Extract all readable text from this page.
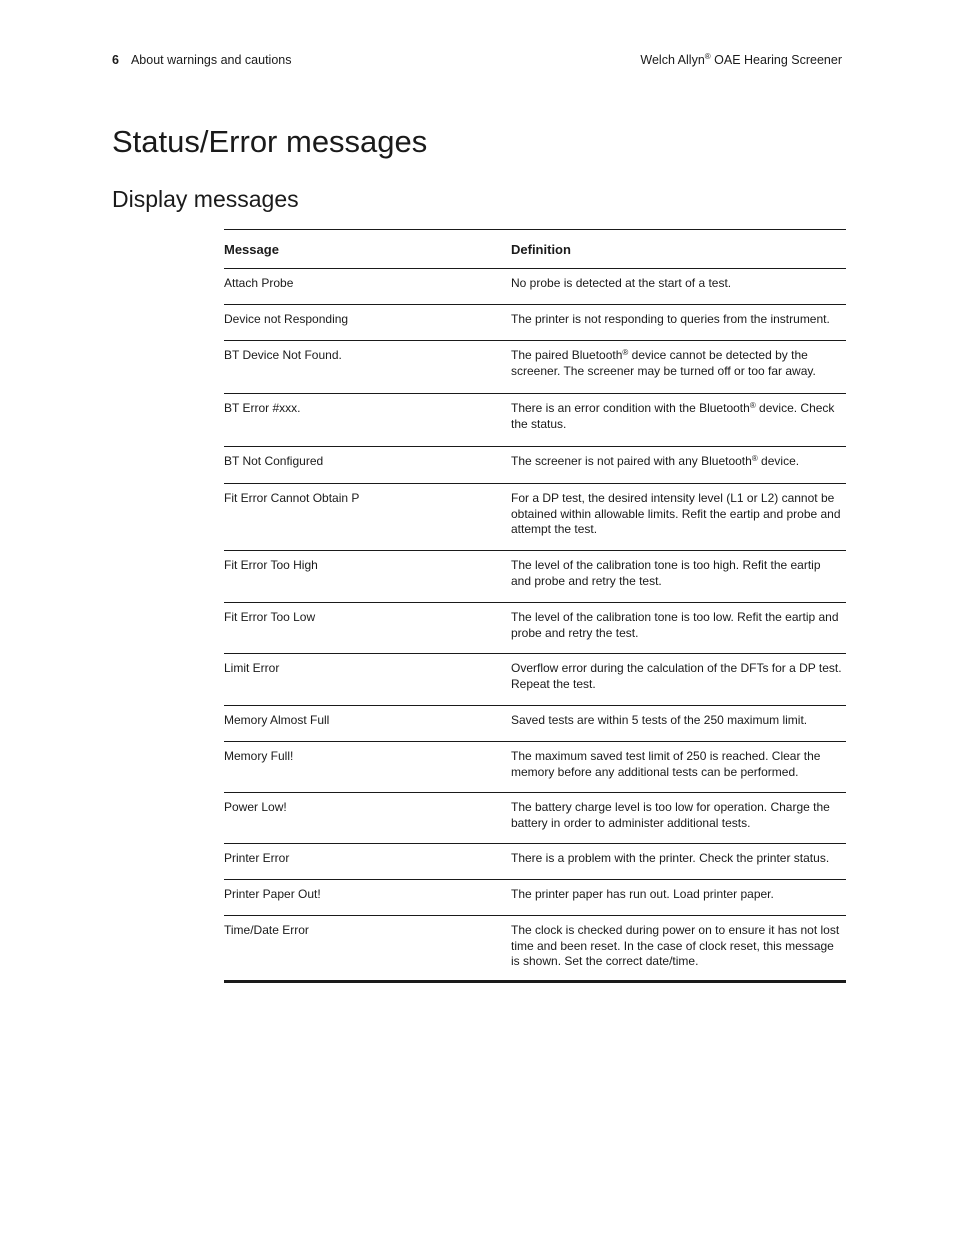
6 About warnings and cautions	Welch Allyn® OAE Hearing Screener
Status/Error messages
Display messages
Message	Definition
Attach Probe	No probe is detected at the start of a test.
Device not Responding	The printer is not responding to queries from the instrument.
BT Device Not Found.	The paired Bluetooth® device cannot be detected by the screener. The screener may be turned off or too far away.
BT Error #xxx.	There is an error condition with the Bluetooth® device. Check the status.
BT Not Configured	The screener is not paired with any Bluetooth® device.
Fit Error Cannot Obtain P	For a DP test, the desired intensity level (L1 or L2) cannot be obtained within allowable limits. Refit the eartip and probe and attempt the test.
Fit Error Too High	The level of the calibration tone is too high. Refit the eartip and probe and retry the test.
Fit Error Too Low	The level of the calibration tone is too low. Refit the eartip and probe and retry the test.
Limit Error	Overflow error during the calculation of the DFTs for a DP test. Repeat the test.
Memory Almost Full	Saved tests are within 5 tests of the 250 maximum limit.
Memory Full!	The maximum saved test limit of 250 is reached. Clear the memory before any additional tests can be performed.
Power Low!	The battery charge level is too low for operation. Charge the battery in order to administer additional tests.
Printer Error	There is a problem with the printer. Check the printer status.
Printer Paper Out!	The printer paper has run out. Load printer paper.
Time/Date Error	The clock is checked during power on to ensure it has not lost time and been reset. In the case of clock reset, this message is shown. Set the correct date/time.
